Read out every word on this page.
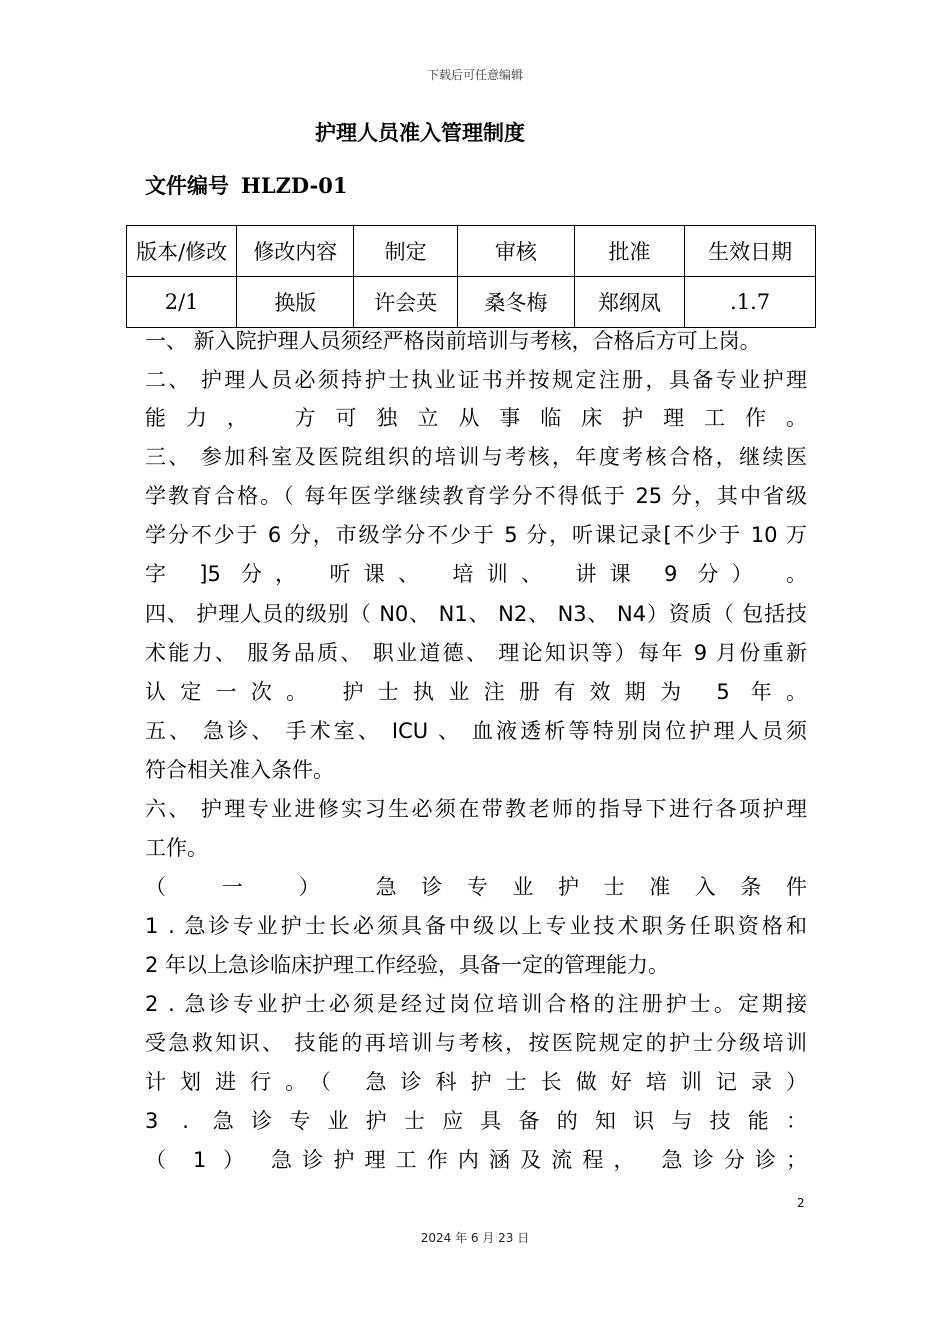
下载后可任意编辑
护理人员准入管理制度
文件编号 HLZD-01
版本/修改	修改内容	制定	审核	批准	生效日期
2/1	换版	许会英	桑冬梅	郑纲凤	.1.7
一、 新入院护理人员须经严格岗前培训与考核，合格后方可上岗。
二、 护理人员必须持护士执业证书并按规定注册，具备专业护理
能力， 方可独立从事临床护理工作。
三、 参加科室及医院组织的培训与考核，年度考核合格，继续医
学教育合格。（ 每年医学继续教育学分不得低于 25 分，其中省级
学分不少于 6 分，市级学分不少于 5 分，听课记录[不少于 10 万
字 ]5 分， 听课、 培训、 讲课 9 分） 。
四、 护理人员的级别（ N0、 N1、 N2、 N3、 N4）资质（ 包括技
术能力、 服务品质、 职业道德、 理论知识等）每年 9 月份重新
认定一次。 护士执业注册有效期为 5 年。
五、 急诊、 手术室、 ICU 、 血液透析等特别岗位护理人员须
符合相关准入条件。
六、 护理专业进修实习生必须在带教老师的指导下进行各项护理
工作。
（ 一 ） 急诊专业护士准入条件
1 . 急诊专业护士长必须具备中级以上专业技术职务任职资格和
2 年以上急诊临床护理工作经验，具备一定的管理能力。
2 . 急诊专业护士必须是经过岗位培训合格的注册护士。定期接
受急救知识、 技能的再培训与考核，按医院规定的护士分级培训
计划进行。（ 急诊科护士长做好培训记录）
3 . 急诊专业护士应具备的知识与技能：
（ 1 ） 急诊护理工作内涵及流程， 急诊分诊；
2
2024 年 6 月 23 日
